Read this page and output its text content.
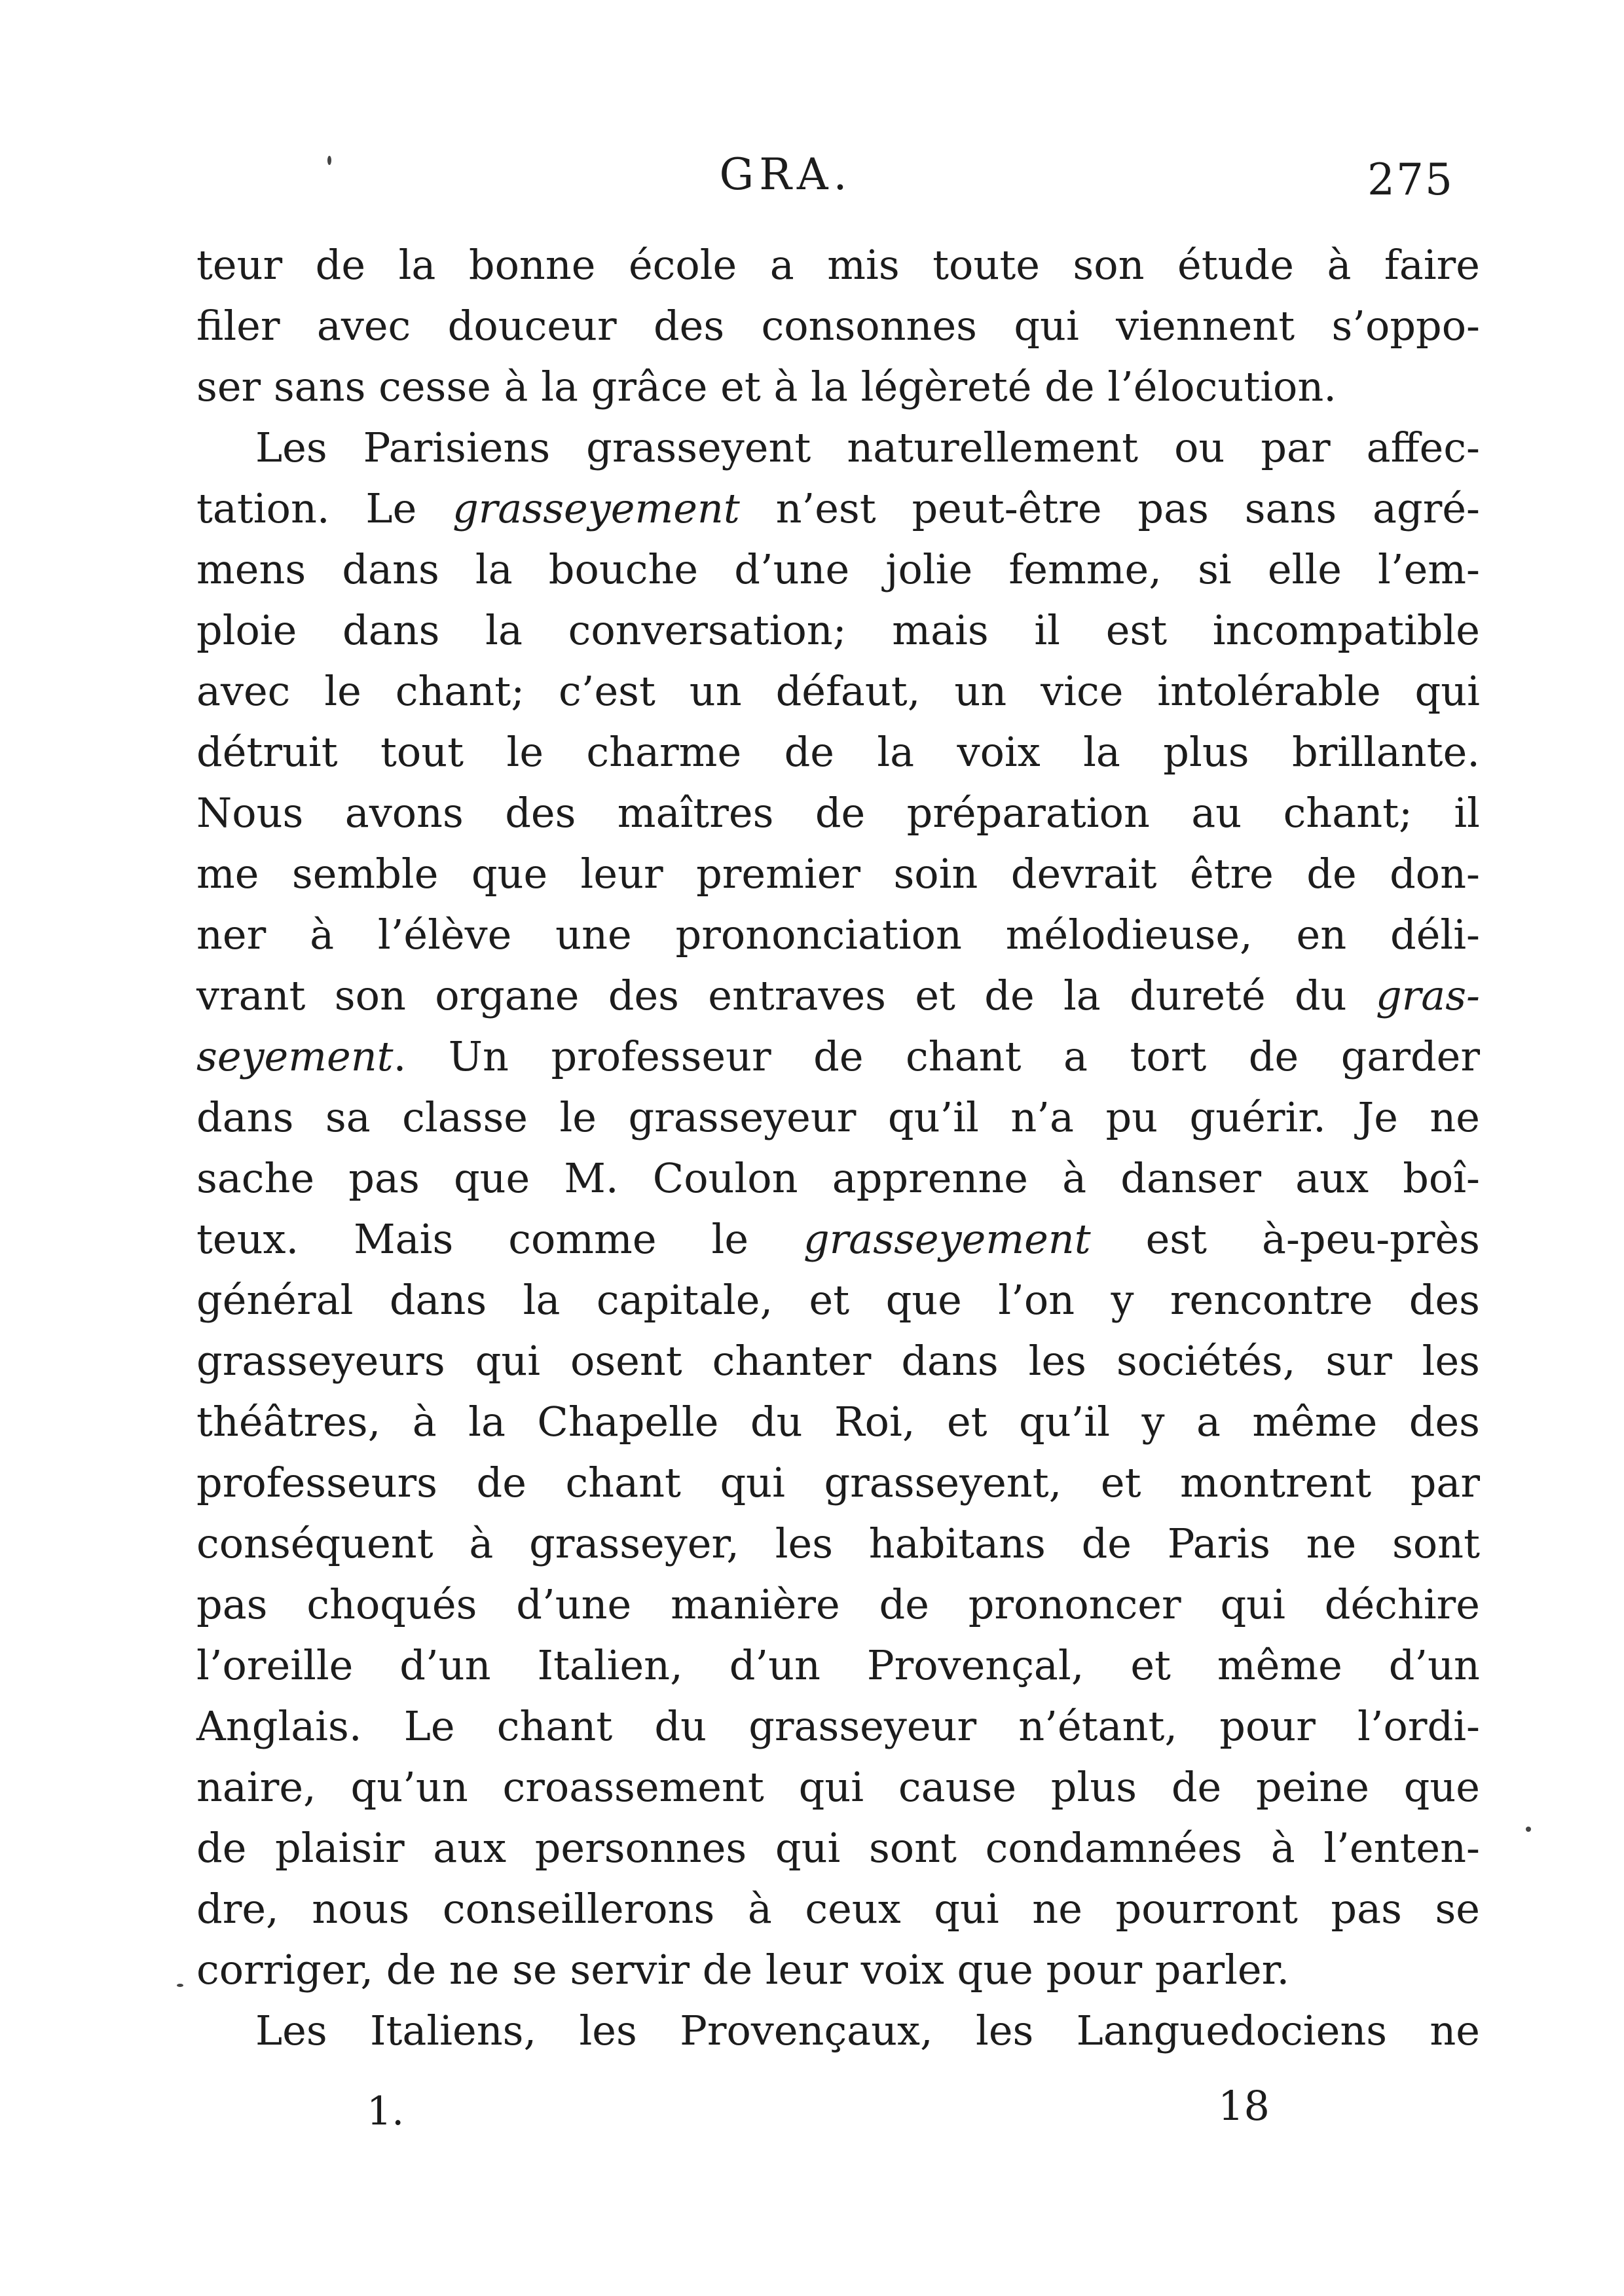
GRA.	275
teur de la bonne école a mis toute son étude à faire
filer avec douceur des consonnes qui viennent s’oppo-
ser sans cesse à la grâce et à la légèreté de l’élocution.
Les Parisiens grasseyent naturellement ou par affec-
tation. Le grasseyement n’est peut-être pas sans agré-
mens dans la bouche d’une jolie femme, si elle l’em-
ploie dans la conversation; mais il est incompatible
avec le chant; c’est un défaut, un vice intolérable qui
détruit tout le charme de la voix la plus brillante.
Nous avons des maîtres de préparation au chant; il
me semble que leur premier soin devrait être de don-
ner à l’élève une prononciation mélodieuse, en déli-
vrant son organe des entraves et de la dureté du gras-
seyement. Un professeur de chant a tort de garder
dans sa classe le grasseyeur qu’il n’a pu guérir. Je ne
sache pas que M. Coulon apprenne à danser aux boî-
teux. Mais comme le grasseyement est à-peu-près
général dans la capitale, et que l’on y rencontre des
grasseyeurs qui osent chanter dans les sociétés, sur les
théâtres, à la Chapelle du Roi, et qu’il y a même des
professeurs de chant qui grasseyent, et montrent par
conséquent à grasseyer, les habitans de Paris ne sont
pas choqués d’une manière de prononcer qui déchire
l’oreille d’un Italien, d’un Provençal, et même d’un
Anglais. Le chant du grasseyeur n’étant, pour l’ordi-
naire, qu’un croassement qui cause plus de peine que
de plaisir aux personnes qui sont condamnées à l’enten-
dre, nous conseillerons à ceux qui ne pourront pas se
corriger, de ne se servir de leur voix que pour parler.
Les Italiens, les Provençaux, les Languedociens ne
1.	18
